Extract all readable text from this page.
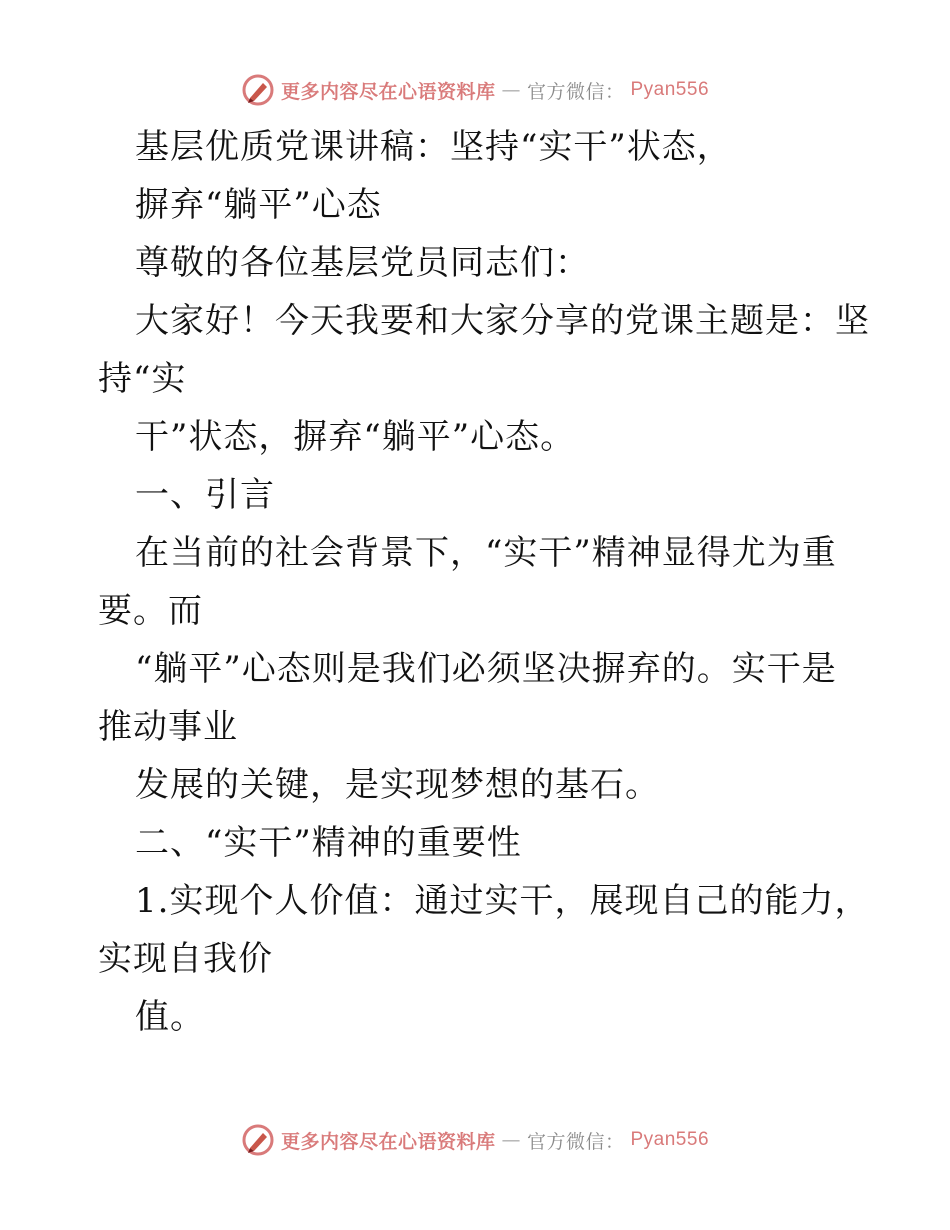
更多内容尽在心语资料库 — 官方微信： Pyan556
基层优质党课讲稿：坚持“实干”状态，
摒弃“躺平”心态
尊敬的各位基层党员同志们：
大家好！今天我要和大家分享的党课主题是：坚
持“实
干”状态，摒弃“躺平”心态。
一、引言
在当前的社会背景下，“实干”精神显得尤为重
要。而
“躺平”心态则是我们必须坚决摒弃的。实干是
推动事业
发展的关键，是实现梦想的基石。
二、“实干”精神的重要性
1.实现个人价值：通过实干，展现自己的能力，
实现自我价
值。
更多内容尽在心语资料库 — 官方微信： Pyan556
